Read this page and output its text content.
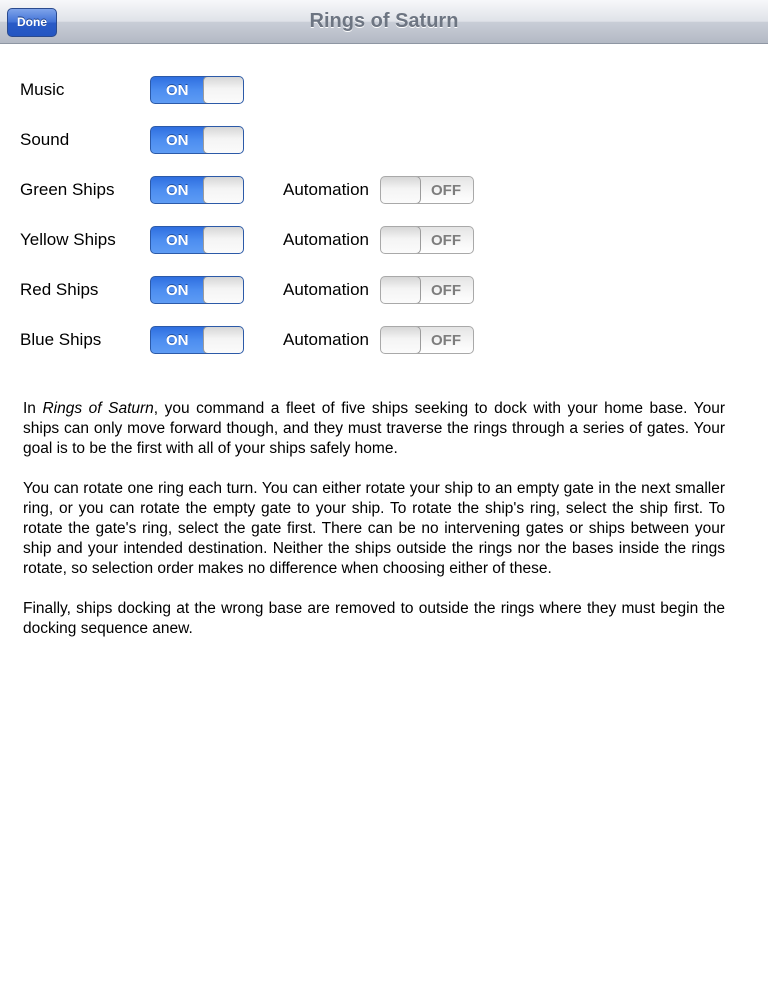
Done	Rings of Saturn
Music	ON
Sound	ON
Green Ships	ON	Automation	OFF
Yellow Ships	ON	Automation	OFF
Red Ships	ON	Automation	OFF
Blue Ships	ON	Automation	OFF

In Rings of Saturn, you command a fleet of five ships seeking to dock with your home base. Your ships can only move forward though, and they must traverse the rings through a series of gates. Your goal is to be the first with all of your ships safely home.

You can rotate one ring each turn. You can either rotate your ship to an empty gate in the next smaller ring, or you can rotate the empty gate to your ship. To rotate the ship's ring, select the ship first. To rotate the gate's ring, select the gate first. There can be no intervening gates or ships between your ship and your intended destination. Neither the ships outside the rings nor the bases inside the rings rotate, so selection order makes no difference when choosing either of these.

Finally, ships docking at the wrong base are removed to outside the rings where they must begin the docking sequence anew.
